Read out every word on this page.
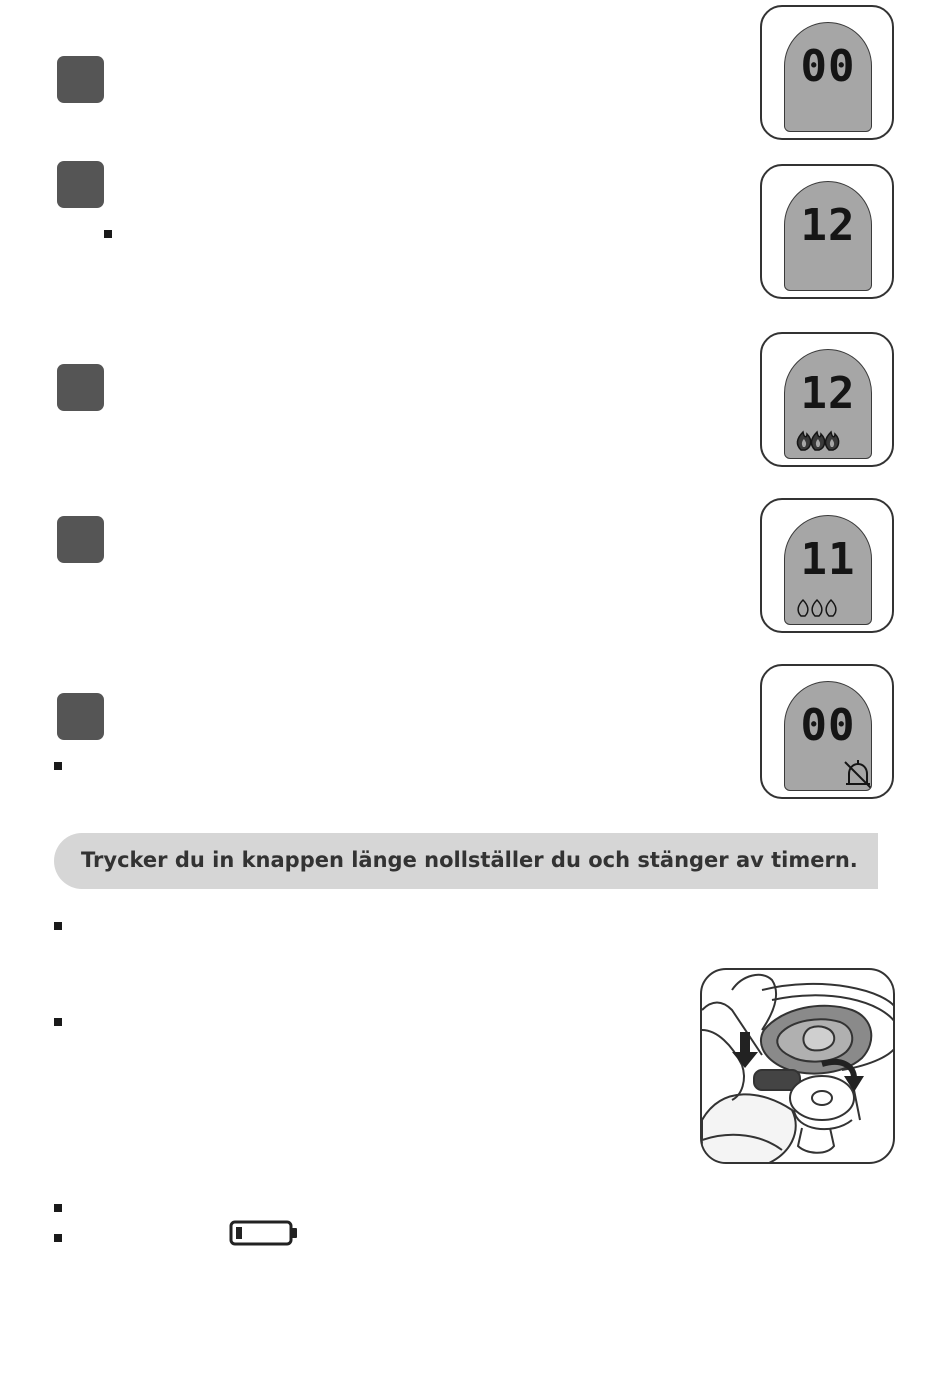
00
12
12
11
00
Trycker du in knappen länge nollställer du och stänger av timern.
